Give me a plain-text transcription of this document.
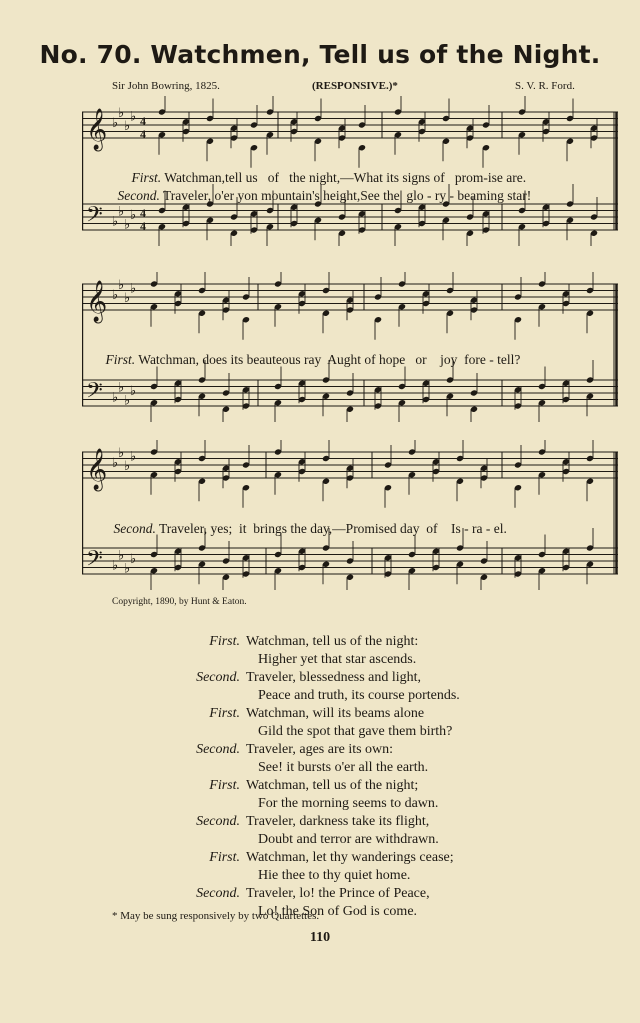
No. 70. Watchmen, Tell us of the Night.
Sir John Bowring, 1825.	(RESPONSIVE.)*	S. V. R. Ford.
𝄞
𝄢
♭
♭
♭
♭
♭
♭
♭
♭
4
4
4
4

First. Watchman,tell us   of   the night,—What its signs of   prom-ise are.

Second. Traveler, o'er yon mountain's height,See the  glo - ry - beaming star!

𝄞
𝄢
♭
♭
♭
♭
♭
♭
♭
♭

First. Watchman, does its beauteous ray  Aught of hope   or    joy  fore - tell?

𝄞
𝄢
♭
♭
♭
♭
♭
♭
♭
♭

Second. Traveler, yes;  it  brings the day,—Promised day  of    Is - ra - el.

Copyright, 1890, by Hunt & Eaton.
First. Watchman, tell us of the night:
Higher yet that star ascends.
Second. Traveler, blessedness and light,
Peace and truth, its course portends.
First. Watchman, will its beams alone
Gild the spot that gave them birth?
Second. Traveler, ages are its own:
See! it bursts o'er all the earth.
First. Watchman, tell us of the night;
For the morning seems to dawn.
Second. Traveler, darkness take its flight,
Doubt and terror are withdrawn.
First. Watchman, let thy wanderings cease;
Hie thee to thy quiet home.
Second. Traveler, lo! the Prince of Peace,
Lo! the Son of God is come.
* May be sung responsively by two Quartettes.
110
